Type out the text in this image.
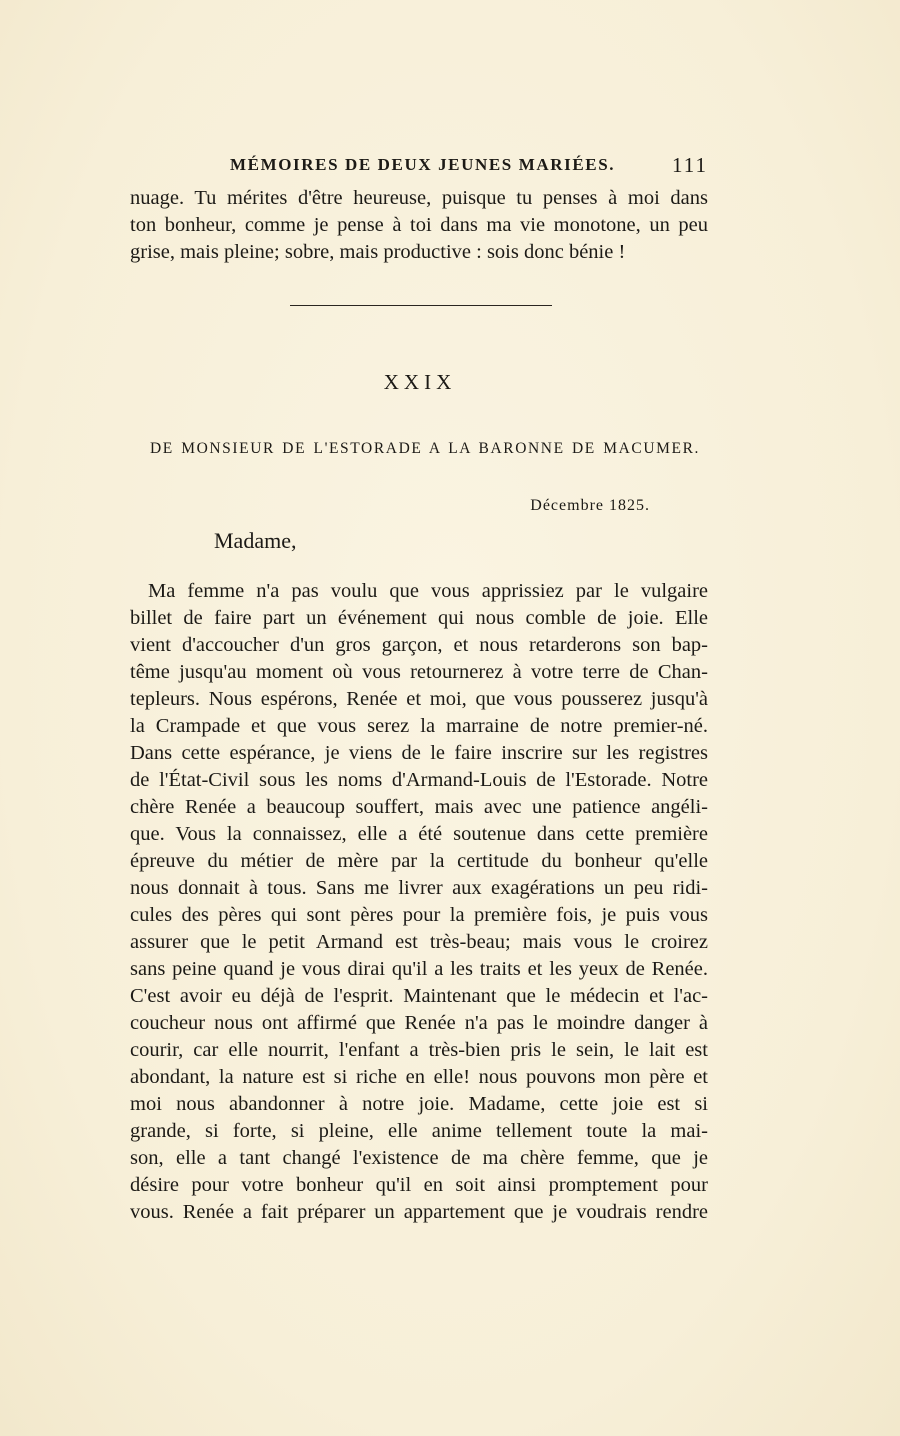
MÉMOIRES DE DEUX JEUNES MARIÉES.	111
nuage. Tu mérites d'être heureuse, puisque tu penses à moi dans
ton bonheur, comme je pense à toi dans ma vie monotone, un peu
grise, mais pleine; sobre, mais productive : sois donc bénie !
XXIX
DE MONSIEUR DE L'ESTORADE A LA BARONNE DE MACUMER.
Décembre 1825.
Madame,
Ma femme n'a pas voulu que vous apprissiez par le vulgaire
billet de faire part un événement qui nous comble de joie. Elle
vient d'accoucher d'un gros garçon, et nous retarderons son bap-
tême jusqu'au moment où vous retournerez à votre terre de Chan-
tepleurs. Nous espérons, Renée et moi, que vous pousserez jusqu'à
la Crampade et que vous serez la marraine de notre premier-né.
Dans cette espérance, je viens de le faire inscrire sur les registres
de l'État-Civil sous les noms d'Armand-Louis de l'Estorade. Notre
chère Renée a beaucoup souffert, mais avec une patience angéli-
que. Vous la connaissez, elle a été soutenue dans cette première
épreuve du métier de mère par la certitude du bonheur qu'elle
nous donnait à tous. Sans me livrer aux exagérations un peu ridi-
cules des pères qui sont pères pour la première fois, je puis vous
assurer que le petit Armand est très-beau; mais vous le croirez
sans peine quand je vous dirai qu'il a les traits et les yeux de Renée.
C'est avoir eu déjà de l'esprit. Maintenant que le médecin et l'ac-
coucheur nous ont affirmé que Renée n'a pas le moindre danger à
courir, car elle nourrit, l'enfant a très-bien pris le sein, le lait est
abondant, la nature est si riche en elle! nous pouvons mon père et
moi nous abandonner à notre joie. Madame, cette joie est si
grande, si forte, si pleine, elle anime tellement toute la mai-
son, elle a tant changé l'existence de ma chère femme, que je
désire pour votre bonheur qu'il en soit ainsi promptement pour
vous. Renée a fait préparer un appartement que je voudrais rendre
